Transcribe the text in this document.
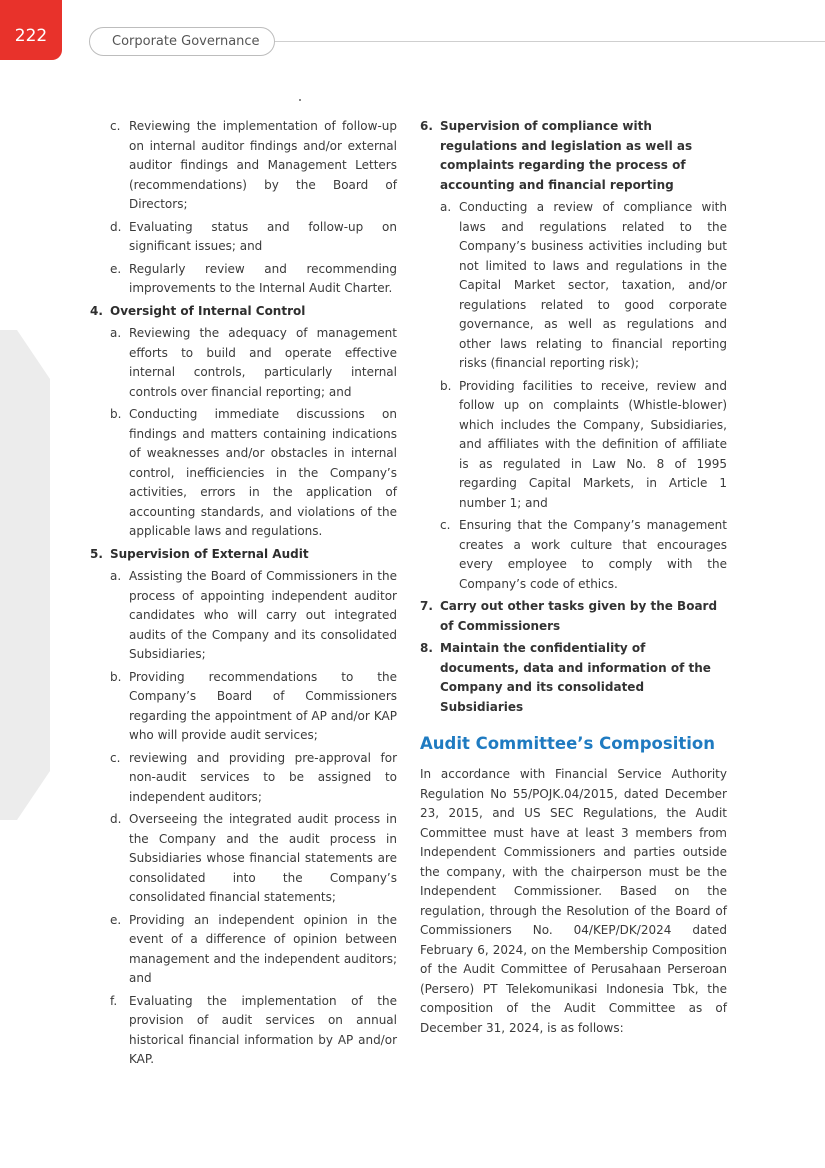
222	Corporate Governance
c. Reviewing the implementation of follow-up on internal auditor findings and/or external auditor findings and Management Letters (recommendations) by the Board of Directors;
d. Evaluating status and follow-up on significant issues; and
e. Regularly review and recommending improvements to the Internal Audit Charter.
4. Oversight of Internal Control
a. Reviewing the adequacy of management efforts to build and operate effective internal controls, particularly internal controls over financial reporting; and
b. Conducting immediate discussions on findings and matters containing indications of weaknesses and/or obstacles in internal control, inefficiencies in the Company’s activities, errors in the application of accounting standards, and violations of the applicable laws and regulations.
5. Supervision of External Audit
a. Assisting the Board of Commissioners in the process of appointing independent auditor candidates who will carry out integrated audits of the Company and its consolidated Subsidiaries;
b. Providing recommendations to the Company’s Board of Commissioners regarding the appointment of AP and/or KAP who will provide audit services;
c. reviewing and providing pre-approval for non-audit services to be assigned to independent auditors;
d. Overseeing the integrated audit process in the Company and the audit process in Subsidiaries whose financial statements are consolidated into the Company’s consolidated financial statements;
e. Providing an independent opinion in the event of a difference of opinion between management and the independent auditors; and
f. Evaluating the implementation of the provision of audit services on annual historical financial information by AP and/or KAP.
6. Supervision of compliance with regulations and legislation as well as complaints regarding the process of accounting and financial reporting
a. Conducting a review of compliance with laws and regulations related to the Company’s business activities including but not limited to laws and regulations in the Capital Market sector, taxation, and/or regulations related to good corporate governance, as well as regulations and other laws relating to financial reporting risks (financial reporting risk);
b. Providing facilities to receive, review and follow up on complaints (Whistle-blower) which includes the Company, Subsidiaries, and affiliates with the definition of affiliate is as regulated in Law No. 8 of 1995 regarding Capital Markets, in Article 1 number 1; and
c. Ensuring that the Company’s management creates a work culture that encourages every employee to comply with the Company’s code of ethics.
7. Carry out other tasks given by the Board of Commissioners
8. Maintain the confidentiality of documents, data and information of the Company and its consolidated Subsidiaries
Audit Committee’s Composition
In accordance with Financial Service Authority Regulation No 55/POJK.04/2015, dated December 23, 2015, and US SEC Regulations, the Audit Committee must have at least 3 members from Independent Commissioners and parties outside the company, with the chairperson must be the Independent Commissioner. Based on the regulation, through the Resolution of the Board of Commissioners No. 04/KEP/DK/2024 dated February 6, 2024, on the Membership Composition of the Audit Committee of Perusahaan Perseroan (Persero) PT Telekomunikasi Indonesia Tbk, the composition of the Audit Committee as of December 31, 2024, is as follows:
